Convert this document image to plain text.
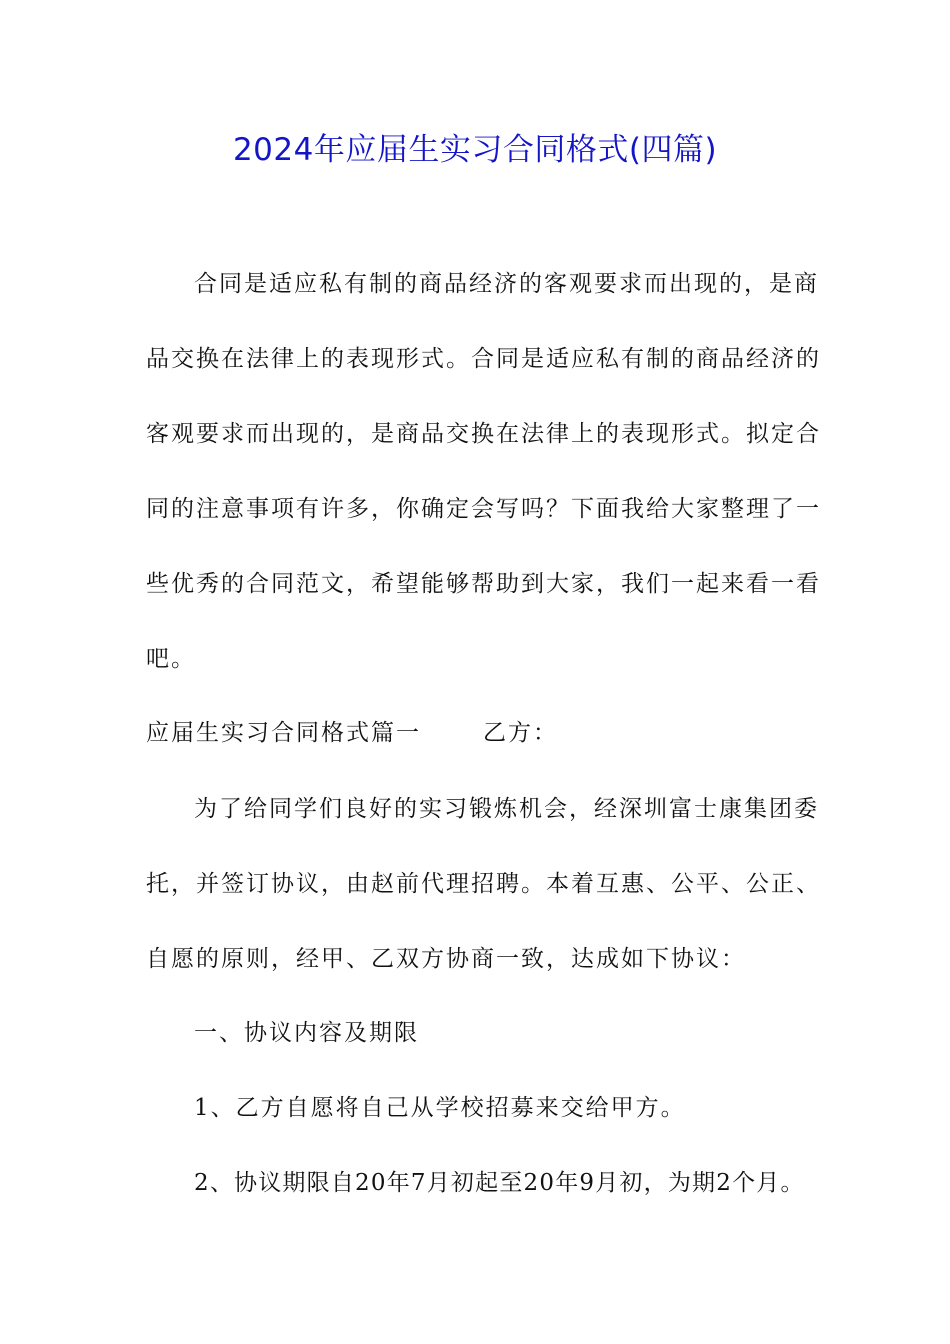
2024年应届生实习合同格式(四篇)
合同是适应私有制的商品经济的客观要求而出现的，是商
品交换在法律上的表现形式。合同是适应私有制的商品经济的
客观要求而出现的，是商品交换在法律上的表现形式。拟定合
同的注意事项有许多，你确定会写吗？下面我给大家整理了一
些优秀的合同范文，希望能够帮助到大家，我们一起来看一看
吧。
应届生实习合同格式篇一	乙方：
为了给同学们良好的实习锻炼机会，经深圳富士康集团委
托，并签订协议，由赵前代理招聘。本着互惠、公平、公正、
自愿的原则，经甲、乙双方协商一致，达成如下协议：
一、协议内容及期限
1、乙方自愿将自己从学校招募来交给甲方。
2、协议期限自20年7月初起至20年9月初，为期2个月。
